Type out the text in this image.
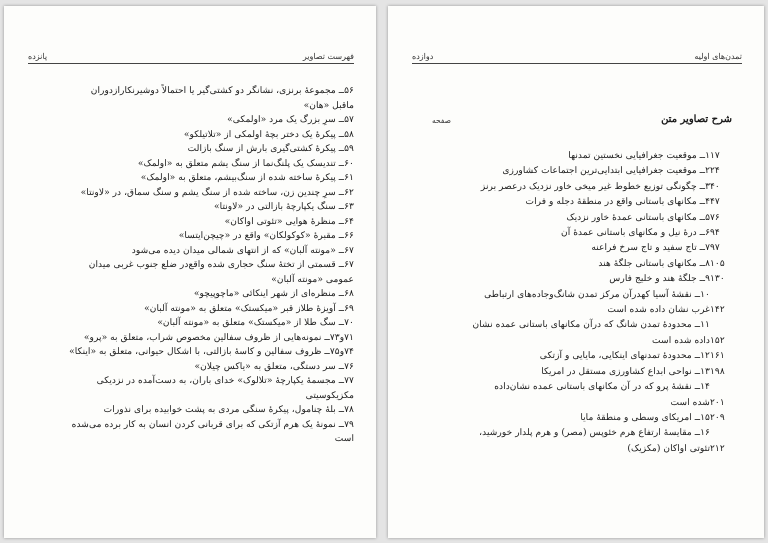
پانزده	فهرست تصاویر
۵۶ــ مجموعهٔ برنزی، نشانگر دو کشتی‌گیر یا احتمالاً دوشیرنکارازدوران
ماقبل «هان»
۵۷ــ سرِ بزرگ یک مرد «اولمکی»
۵۸ــ پیکرهٔ یک دختر بچهٔ اولمکی از «تلاتیلکو»
۵۹ــ پیکرهٔ کشتی‌گیری بارش از سنگ بازالت
۶۰ــ تندیسک یک پلنگ‌نما از سنگ یشم متعلق به «اولمک»
۶۱ــ پیکرهٔ ساخته شده از سنگ‌بیشم، متعلق به «اولمک»
۶۲ــ سرِ چندین زن، ساخته شده از سنگ یشم و سنگ سماق، در «لاونتا»
۶۳ــ سنگ یکپارچهٔ بازالتی در «لاونتا»
۶۴ــ منظرهٔ هوایی «تئوتی اواکان»
۶۶ــ مقبرهٔ «کوکولکان» واقع در «چیچن‌ایتسا»
۶۷ــ «مونته آلبان» که از انتهای شمالی میدان دیده می‌شود
۶۷ــ قسمتی از تختهٔ سنگ حجاری شده واقع‌در ضلع جنوب غربی میدان
عمومی «مونته آلبان»
۶۸ــ منظره‌ای از شهر اینکائی «ماچوپیچو»
۶۹ــ آویزهٔ طلاز قبر «میکستک» متعلق به «مونته آلبان»
۷۰ــ سگ طلا از «میکستک» متعلق به «مونته آلبان»
۷۱و۷۳ــ نمونه‌هایی از ظروف سفالین مخصوص شراب، متعلق به «پرو»
۷۴و۷۵ــ ظروف سفالین و کاسهٔ بازالتی، با اشکال حیوانی، متعلق به «اینکا»
۷۶ــ سر دستگی، متعلق به «یاکس چیلان»
۷۷ــ مجسمهٔ یکپارچهٔ «تلالوک» خدای باران، به دست‌آمده در نزدیکی
مکزیکوسیتی
۷۸ــ بلهٔ چنامول، پیکرهٔ سنگی مردی به پشت خوابیده برای نذورات
۷۹ــ نمونهٔ یک هرم آزتکی که برای قربانی کردن انسان به کار برده می‌شده
است
دوازده	تمدن‌های اولیه
صفحه	شرح تصاویر متن
۱ــ موقعیت جغرافیایی نخستین تمدنها ۱۷
۲ــ موقعیت جغرافیایی ابتدایی‌ترین اجتماعات کشاورزی ۲۴
۳ــ چگونگی توزیع خطوط غیر میخی خاور نزدیک درعصر برنز ۴۰
۴ــ مکانهای باستانی واقع در منطقهٔ دجله و فرات ۴۷
۵ــ مکانهای باستانی عمدهٔ خاور نزدیک ۷۶
۶ــ درهٔ نیل و مکانهای باستانی عمدهٔ آن ۹۴
۷ــ تاج سفید و تاج سرخ فراعنه ۹۷
۸ــ مکانهای باستانی جلگهٔ هند ۱۰۵
۹ــ جلگهٔ هند و خلیج فارس ۱۳۰
۱۰ــ نقشهٔ آسیا کهدرآن مرکز تمدن شانگ‌وجاده‌های ارتباطی
غرب نشان داده شده است ۱۴۲
۱۱ــ محدودهٔ تمدن شانگ که درآن مکانهای باستانی عمده نشان
داده شده است ۱۵۲
۱۲ــ محدودهٔ تمدنهای اینکایی، مایایی و آزتکی ۱۶۱
۱۳ــ نواحی ابداع کشاورزی مستقل در امریکا ۱۹۸
۱۴ــ نقشهٔ پرو که در آن مکانهای باستانی عمده نشان‌داده
شده است ۲۰۱
۱۵ــ امریکای وسطی و منطقهٔ مایا ۲۰۹
۱۶ــ مقایسهٔ ارتفاع هرم خئوپس (مصر) و هرم پلدار خورشید،
تئوتی اواکان (مکزیک) ۲۱۲
